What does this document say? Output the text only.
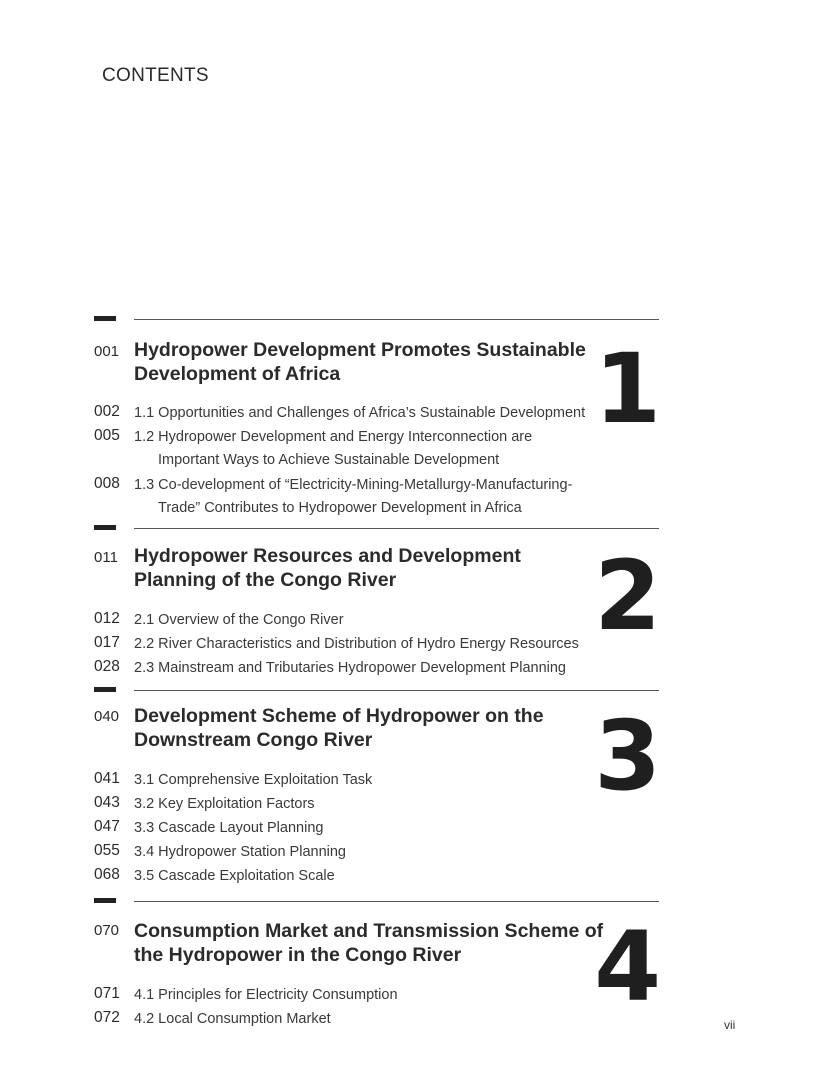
CONTENTS
001 Hydropower Development Promotes Sustainable Development of Africa	1
002 1.1 Opportunities and Challenges of Africa’s Sustainable Development
005 1.2 Hydropower Development and Energy Interconnection are
Important Ways to Achieve Sustainable Development
008 1.3 Co-development of “Electricity-Mining-Metallurgy-Manufacturing-
Trade” Contributes to Hydropower Development in Africa
011 Hydropower Resources and Development Planning of the Congo River	2
012 2.1 Overview of the Congo River
017 2.2 River Characteristics and Distribution of Hydro Energy Resources
028 2.3 Mainstream and Tributaries Hydropower Development Planning
040 Development Scheme of Hydropower on the Downstream Congo River	3
041 3.1 Comprehensive Exploitation Task
043 3.2 Key Exploitation Factors
047 3.3 Cascade Layout Planning
055 3.4 Hydropower Station Planning
068 3.5 Cascade Exploitation Scale
070 Consumption Market and Transmission Scheme of the Hydropower in the Congo River	4
071 4.1 Principles for Electricity Consumption
072 4.2 Local Consumption Market	vii
